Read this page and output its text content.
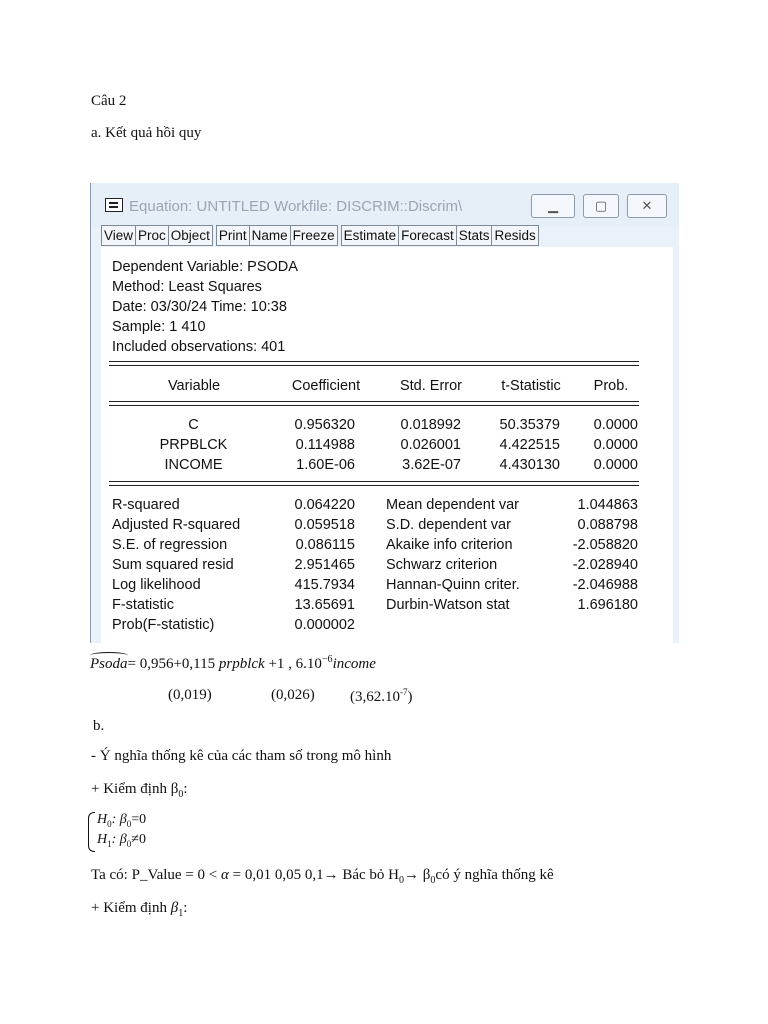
Câu 2
a. Kết quả hồi quy
Equation: UNTITLED Workfile: DISCRIM::Discrim\	▁	▢	✕
View Proc Object Print Name Freeze Estimate Forecast Stats Resids
Dependent Variable: PSODA
Method: Least Squares
Date: 03/30/24 Time: 10:38
Sample: 1 410
Included observations: 401
Variable	Coefficient	Std. Error	t-Statistic	Prob.
C	0.956320	0.018992	50.35379	0.0000
PRPBLCK	0.114988	0.026001	4.422515	0.0000
INCOME	1.60E-06	3.62E-07	4.430130	0.0000
R-squared	0.064220 Mean dependent var	1.044863
Adjusted R-squared	0.059518 S.D. dependent var	0.088798
S.E. of regression	0.086115 Akaike info criterion	-2.058820
Sum squared resid	2.951465 Schwarz criterion	-2.028940
Log likelihood	415.7934 Hannan-Quinn criter.	-2.046988
F-statistic	13.65691 Durbin-Watson stat	1.696180
Prob(F-statistic)	0.000002
Psoda= 0,956+0,115 prpblck +1 , $6.10^{-6}income$
(0,019)	(0,026) $(3,62.10^{-7})$
b.
- Ý nghĩa thống kê của các tham số trong mô hình
+ Kiểm định $\beta_0$:
$H_0$: $\beta_0=0$
$H_1$: $\beta_0\ne 0$
Ta có: P_Value = 0 < α = 0,01 0,05 0,1→ Bác bỏ $H_0\to$ $\beta_0có$ ý nghĩa thống kê
+ Kiểm định $\beta_1$:
